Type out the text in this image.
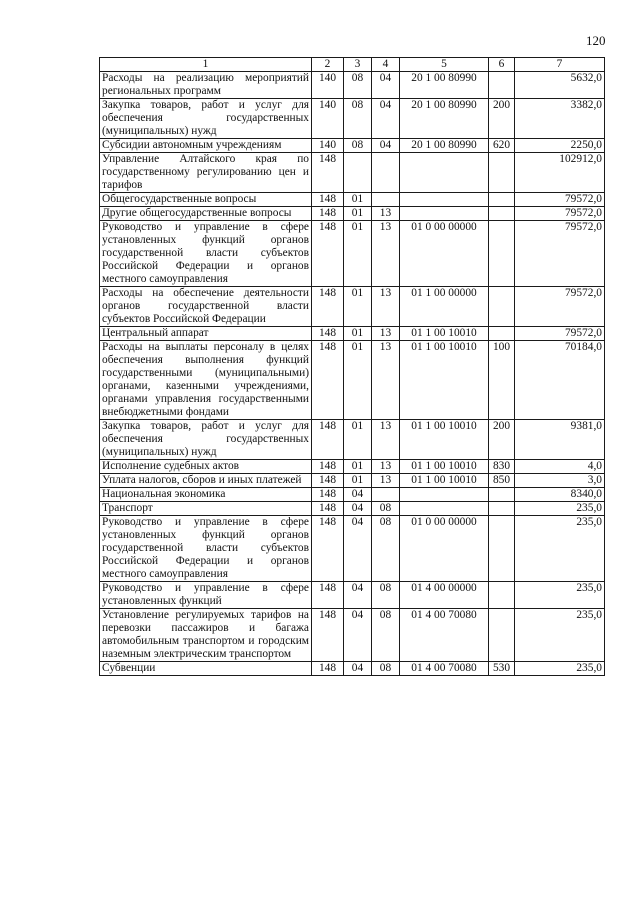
120
1	2	3	4	5	6	7
Расходы на реализацию мероприятий региональных программ	140	08	04	20 1 00 80990		5632,0
Закупка товаров, работ и услуг для обеспечения государственных (муниципальных) нужд	140	08	04	20 1 00 80990	200	3382,0
Субсидии автономным учреждениям	140	08	04	20 1 00 80990	620	2250,0
Управление Алтайского края по государственному регулированию цен и тарифов	148					102912,0
Общегосударственные вопросы	148	01				79572,0
Другие общегосударственные вопросы	148	01	13			79572,0
Руководство и управление в сфере установленных функций органов государственной власти субъектов Российской Федерации и органов местного самоуправления	148	01	13	01 0 00 00000		79572,0
Расходы на обеспечение деятельности органов государственной власти субъектов Российской Федерации	148	01	13	01 1 00 00000		79572,0
Центральный аппарат	148	01	13	01 1 00 10010		79572,0
Расходы на выплаты персоналу в целях обеспечения выполнения функций государственными (муниципальными) органами, казенными учреждениями, органами управления государственными внебюджетными фондами	148	01	13	01 1 00 10010	100	70184,0
Закупка товаров, работ и услуг для обеспечения государственных (муниципальных) нужд	148	01	13	01 1 00 10010	200	9381,0
Исполнение судебных актов	148	01	13	01 1 00 10010	830	4,0
Уплата налогов, сборов и иных платежей	148	01	13	01 1 00 10010	850	3,0
Национальная экономика	148	04				8340,0
Транспорт	148	04	08			235,0
Руководство и управление в сфере установленных функций органов государственной власти субъектов Российской Федерации и органов местного самоуправления	148	04	08	01 0 00 00000		235,0
Руководство и управление в сфере установленных функций	148	04	08	01 4 00 00000		235,0
Установление регулируемых тарифов на перевозки пассажиров и багажа автомобильным транспортом и городским наземным электрическим транспортом	148	04	08	01 4 00 70080		235,0
Субвенции	148	04	08	01 4 00 70080	530	235,0
